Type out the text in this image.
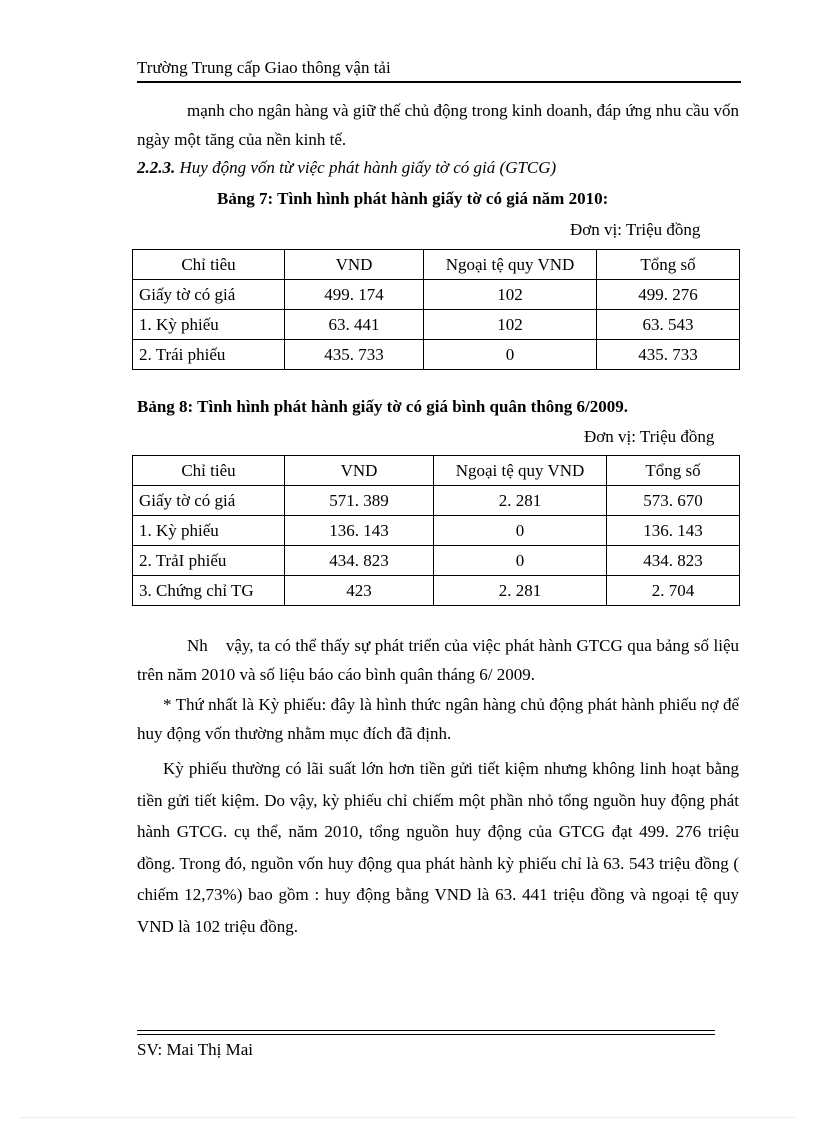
Trường Trung cấp Giao thông vận tải

mạnh cho ngân hàng và giữ thế chủ động trong kinh doanh, đáp ứng nhu cầu vốn ngày một tăng của nền kinh tế.

2.2.3. Huy động vốn từ việc phát hành giấy tờ có giá (GTCG)
Bảng 7: Tình hình phát hành giấy tờ có giá năm 2010:
Đơn vị: Triệu đồng
Chỉ tiêu	VND	Ngoại tệ quy VND	Tổng số
Giấy tờ có giá	499. 174	102	499. 276
1. Kỳ phiếu	63. 441	102	63. 543
2. Trái phiếu	435. 733	0	435. 733
Bảng 8: Tình hình phát hành giấy tờ có giá bình quân thông 6/2009.
Đơn vị: Triệu đồng
Chỉ tiêu	VND	Ngoại tệ quy VND	Tổng số
Giấy tờ có giá	571. 389	2. 281	573. 670
1. Kỳ phiếu	136. 143	0	136. 143
2. TrảI phiếu	434. 823	0	434. 823
3. Chứng chỉ TG	423	2. 281	2. 704

Nh    vậy, ta có thể thấy sự phát triển của việc phát hành GTCG qua bảng số liệu trên năm 2010 và số liệu báo cáo bình quân tháng 6/ 2009.

* Thứ nhất là Kỳ phiếu: đây là hình thức ngân hàng chủ động phát hành phiếu nợ để huy động vốn thường nhằm mục đích đã định.

Kỳ phiếu thường có lãi suất lớn hơn tiền gửi tiết kiệm nhưng không linh hoạt bằng tiền gửi tiết kiệm. Do vậy, kỳ phiếu chỉ chiếm một phần nhỏ tổng nguồn huy động phát hành GTCG. cụ thể, năm 2010, tổng nguồn huy động của GTCG đạt 499. 276 triệu đồng. Trong đó, nguồn vốn huy động qua phát hành kỳ phiếu chỉ là 63. 543 triệu đồng ( chiếm 12,73%) bao gồm : huy động bằng VND là 63. 441 triệu đồng và ngoại tệ quy VND là 102 triệu đồng.

SV: Mai Thị Mai
